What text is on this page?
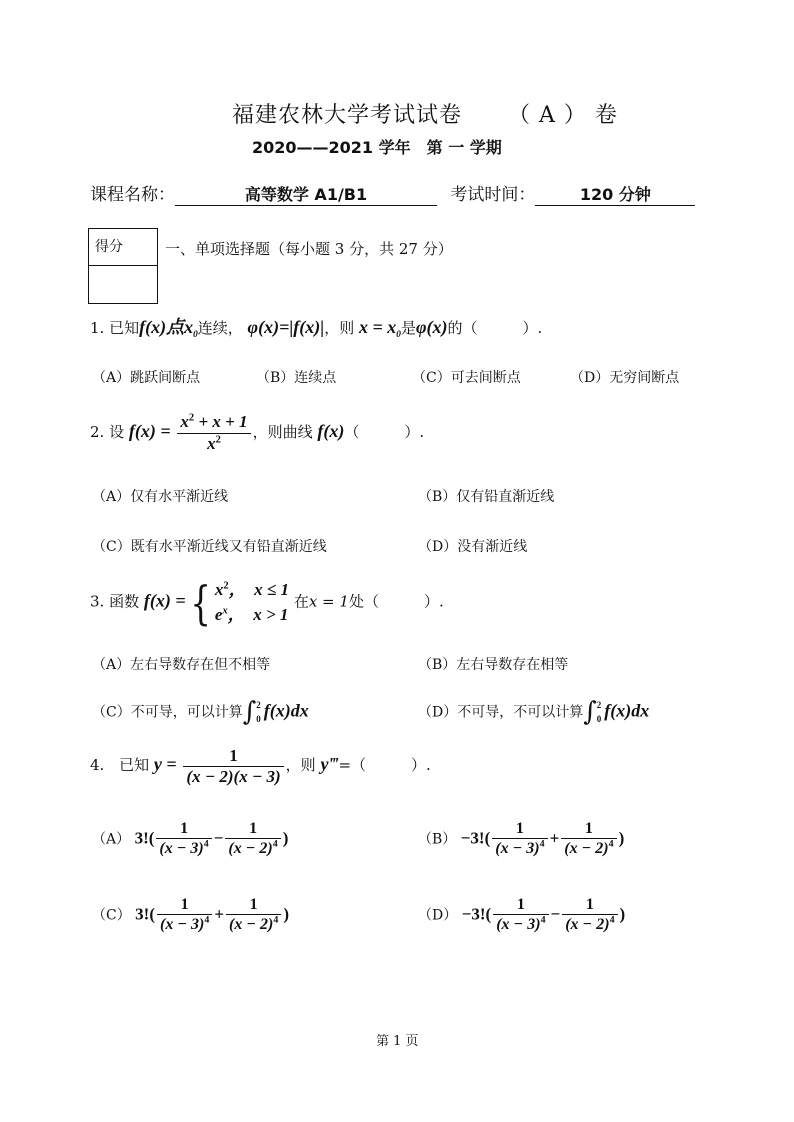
福建农林大学考试试卷 （ A ） 卷
2020——2021 学年　第 一 学期
课程名称：	高等数学 A1/B1	考试时间：	120 分钟
得分	一、单项选择题（每小题 3 分，共 27 分）
1. 已知f(x)点$x_0$连续， φ(x)=|f(x)|，则 $x = x_0$是φ(x)的（　　　）.
（A）跳跃间断点	（B）连续点	（C）可去间断点	（D）无穷间断点
2. 设 $f(x) = \frac{x^2 + x + 1}{x^2}$ ，则曲线 f(x)（　　　）.
（A）仅有水平渐近线	（B）仅有铅直渐近线
（C）既有水平渐近线又有铅直渐近线	（D）没有渐近线
3. 函数 f(x) ={ $x^2$，　x ≤ 1
$e^x$，　x > 1
在x = 1处（　　　）.
（A）左右导数存在但不相等	（B）左右导数存在相等
（C）不可导，可以计算∫ 2
0 f(x)dx	（D）不可导，不可以计算∫ 2
0 f(x)dx
4. 已知 $y = \frac{1}{(x - 2)(x - 3)}$ ，则 y‴=（　　　）.
（A） $3!( \frac{1}{(x - 3)^4} - \frac{1}{(x - 2)^4}$ )	$(B) -3!( \frac{1}{(x - 3)^4} + \frac{1}{(x - 2)^4}$ )
（C） $3!( \frac{1}{(x - 3)^4} + \frac{1}{(x - 2)^4}$ )	$(D) -3!( \frac{1}{(x - 3)^4} - \frac{1}{(x - 2)^4}$ )
第 1 页
